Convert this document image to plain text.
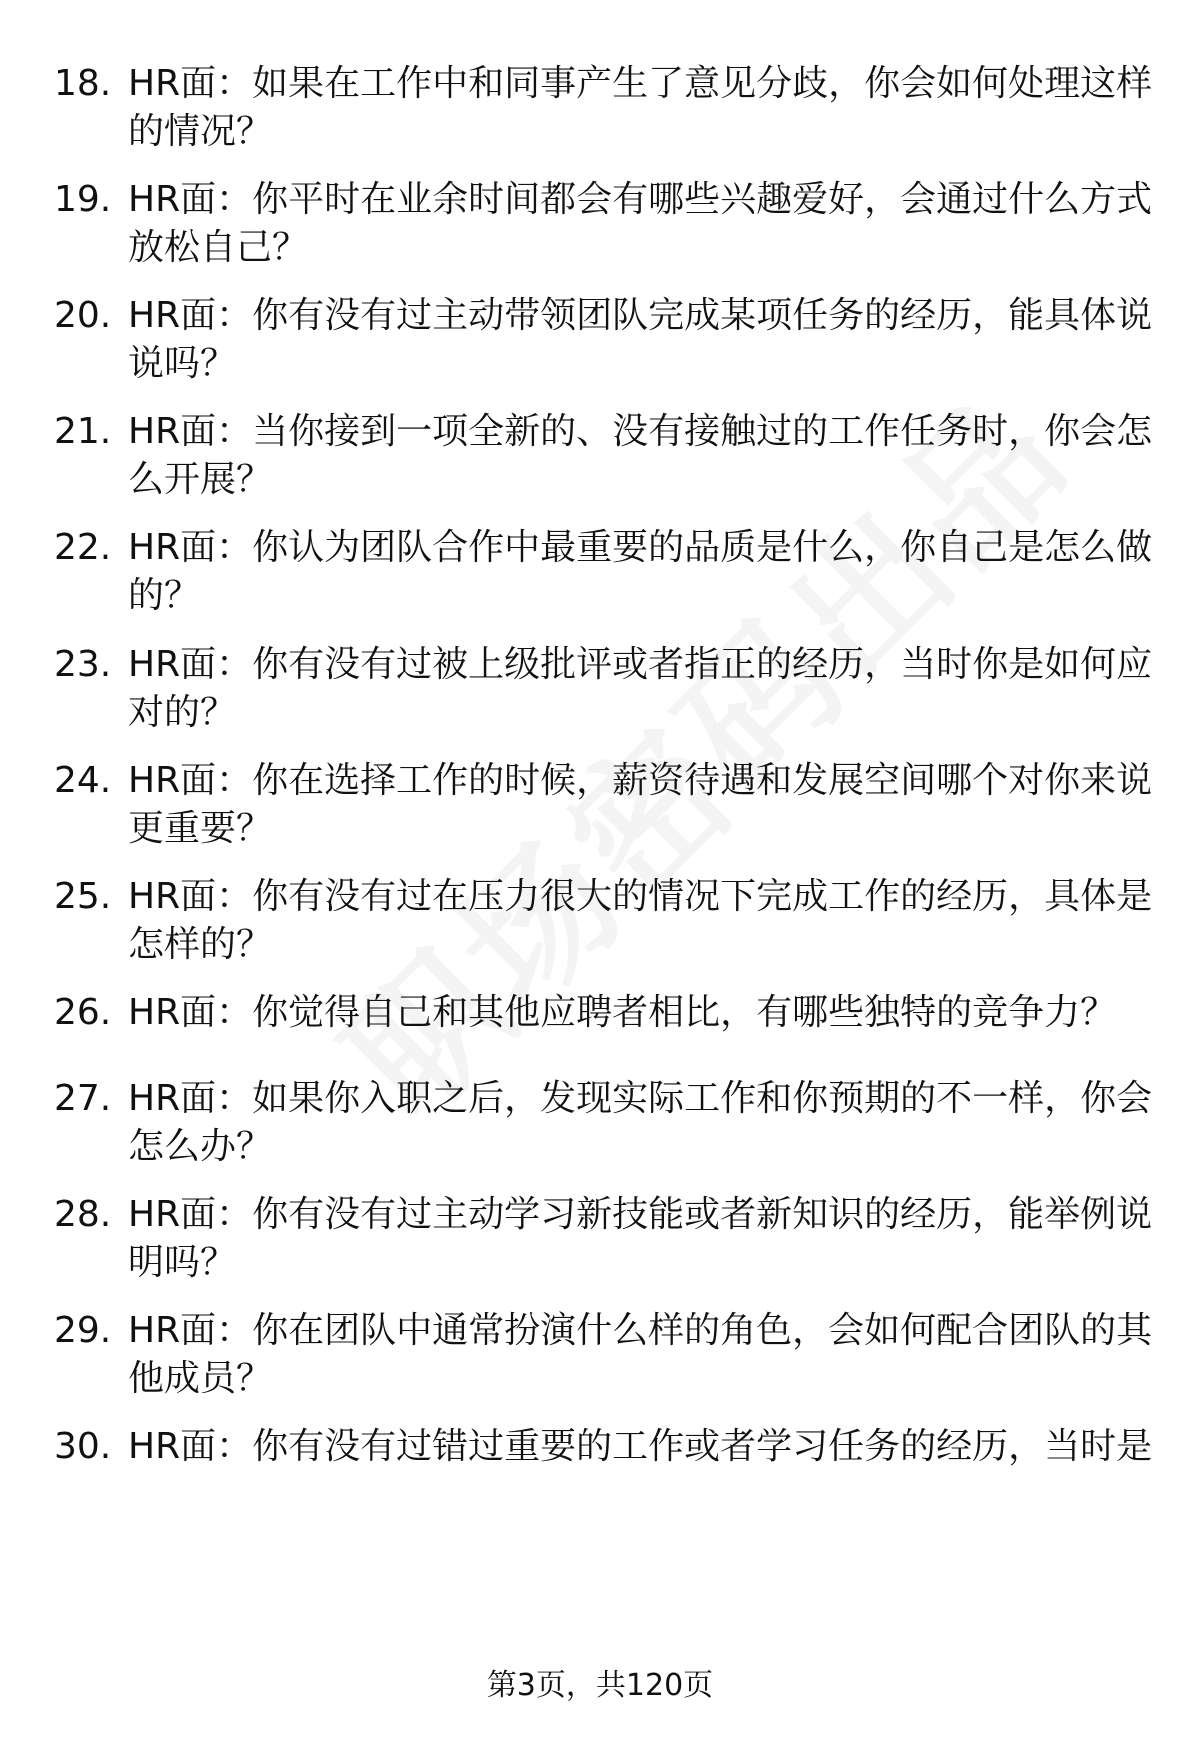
18. HR面：如果在工作中和同事产生了意见分歧，你会如何处理这样的情况？
19. HR面：你平时在业余时间都会有哪些兴趣爱好，会通过什么方式放松自己？
20. HR面：你有没有过主动带领团队完成某项任务的经历，能具体说说吗？
21. HR面：当你接到一项全新的、没有接触过的工作任务时，你会怎么开展？
22. HR面：你认为团队合作中最重要的品质是什么，你自己是怎么做的？
23. HR面：你有没有过被上级批评或者指正的经历，当时你是如何应对的？
24. HR面：你在选择工作的时候，薪资待遇和发展空间哪个对你来说更重要？
25. HR面：你有没有过在压力很大的情况下完成工作的经历，具体是怎样的？
26. HR面：你觉得自己和其他应聘者相比，有哪些独特的竞争力？
27. HR面：如果你入职之后，发现实际工作和你预期的不一样，你会怎么办？
28. HR面：你有没有过主动学习新技能或者新知识的经历，能举例说明吗？
29. HR面：你在团队中通常扮演什么样的角色，会如何配合团队的其他成员？
30. HR面：你有没有过错过重要的工作或者学习任务的经历，当时是
第3页，共120页
